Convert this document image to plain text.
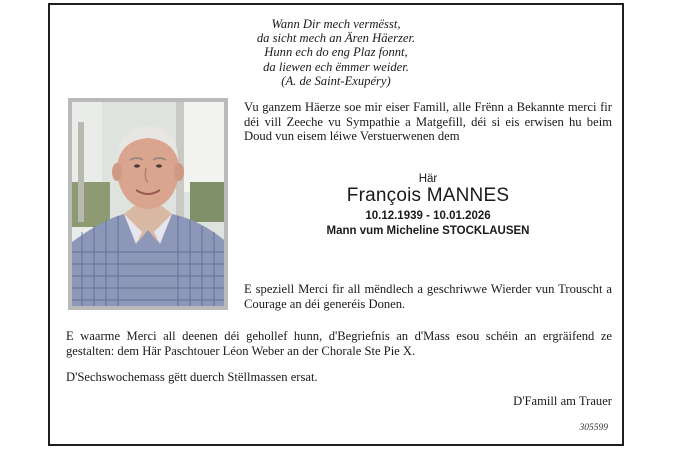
Wann Dir mech vermësst,
da sicht mech an Ären Häerzer.
Hunn ech do eng Plaz fonnt,
da liewen ech ëmmer weider.
(A. de Saint-Exupéry)
Vu ganzem Häerze soe mir eiser Famill, alle Frënn a Bekannte merci fir déi vill Zeeche vu Sympathie a Matgefill, déi si eis erwisen hu beim Doud vun eisem léiwe Verstuerwenen dem
Här
François MANNES
10.12.1939 - 10.01.2026
Mann vum Micheline STOCKLAUSEN
E speziell Merci fir all mëndlech a geschriwwe Wierder vun Trouscht a Courage an déi generéis Donen.
E waarme Merci all deenen déi gehollef hunn, d'Begriefnis an d'Mass esou schéin an ergräifend ze gestalten: dem Här Paschtouer Léon Weber an der Chorale Ste Pie X.
D'Sechswochemass gëtt duerch Stëllmassen ersat.
D'Famill am Trauer
305599
